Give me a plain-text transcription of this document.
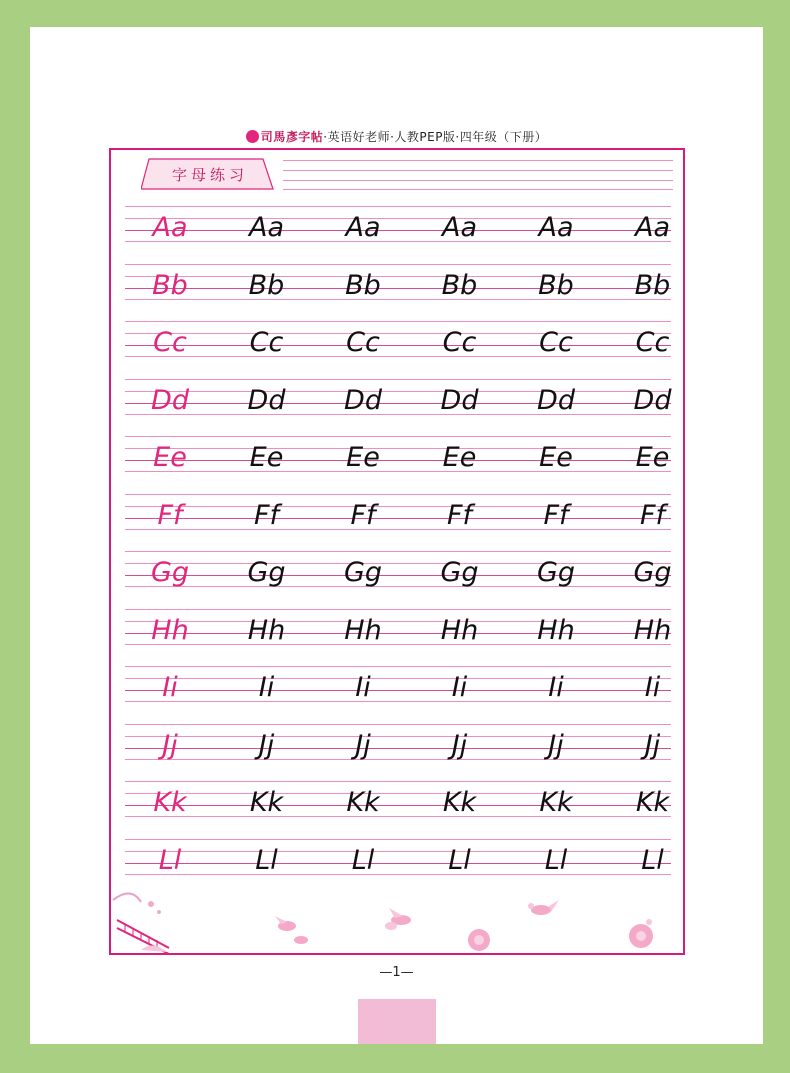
司馬彥字帖·英语好老师·人教PEP版·四年级（下册）
字母练习
Aa	Aa	Aa	Aa	Aa	Aa
Bb	Bb	Bb	Bb	Bb	Bb
Cc	Cc	Cc	Cc	Cc	Cc
Dd	Dd	Dd	Dd	Dd	Dd
Ee	Ee	Ee	Ee	Ee	Ee
Ff	Ff	Ff	Ff	Ff	Ff
Gg	Gg	Gg	Gg	Gg	Gg
Hh	Hh	Hh	Hh	Hh	Hh
Ii	Ii	Ii	Ii	Ii	Ii
Jj	Jj	Jj	Jj	Jj	Jj
Kk	Kk	Kk	Kk	Kk	Kk
Ll	Ll	Ll	Ll	Ll	Ll
—1—
